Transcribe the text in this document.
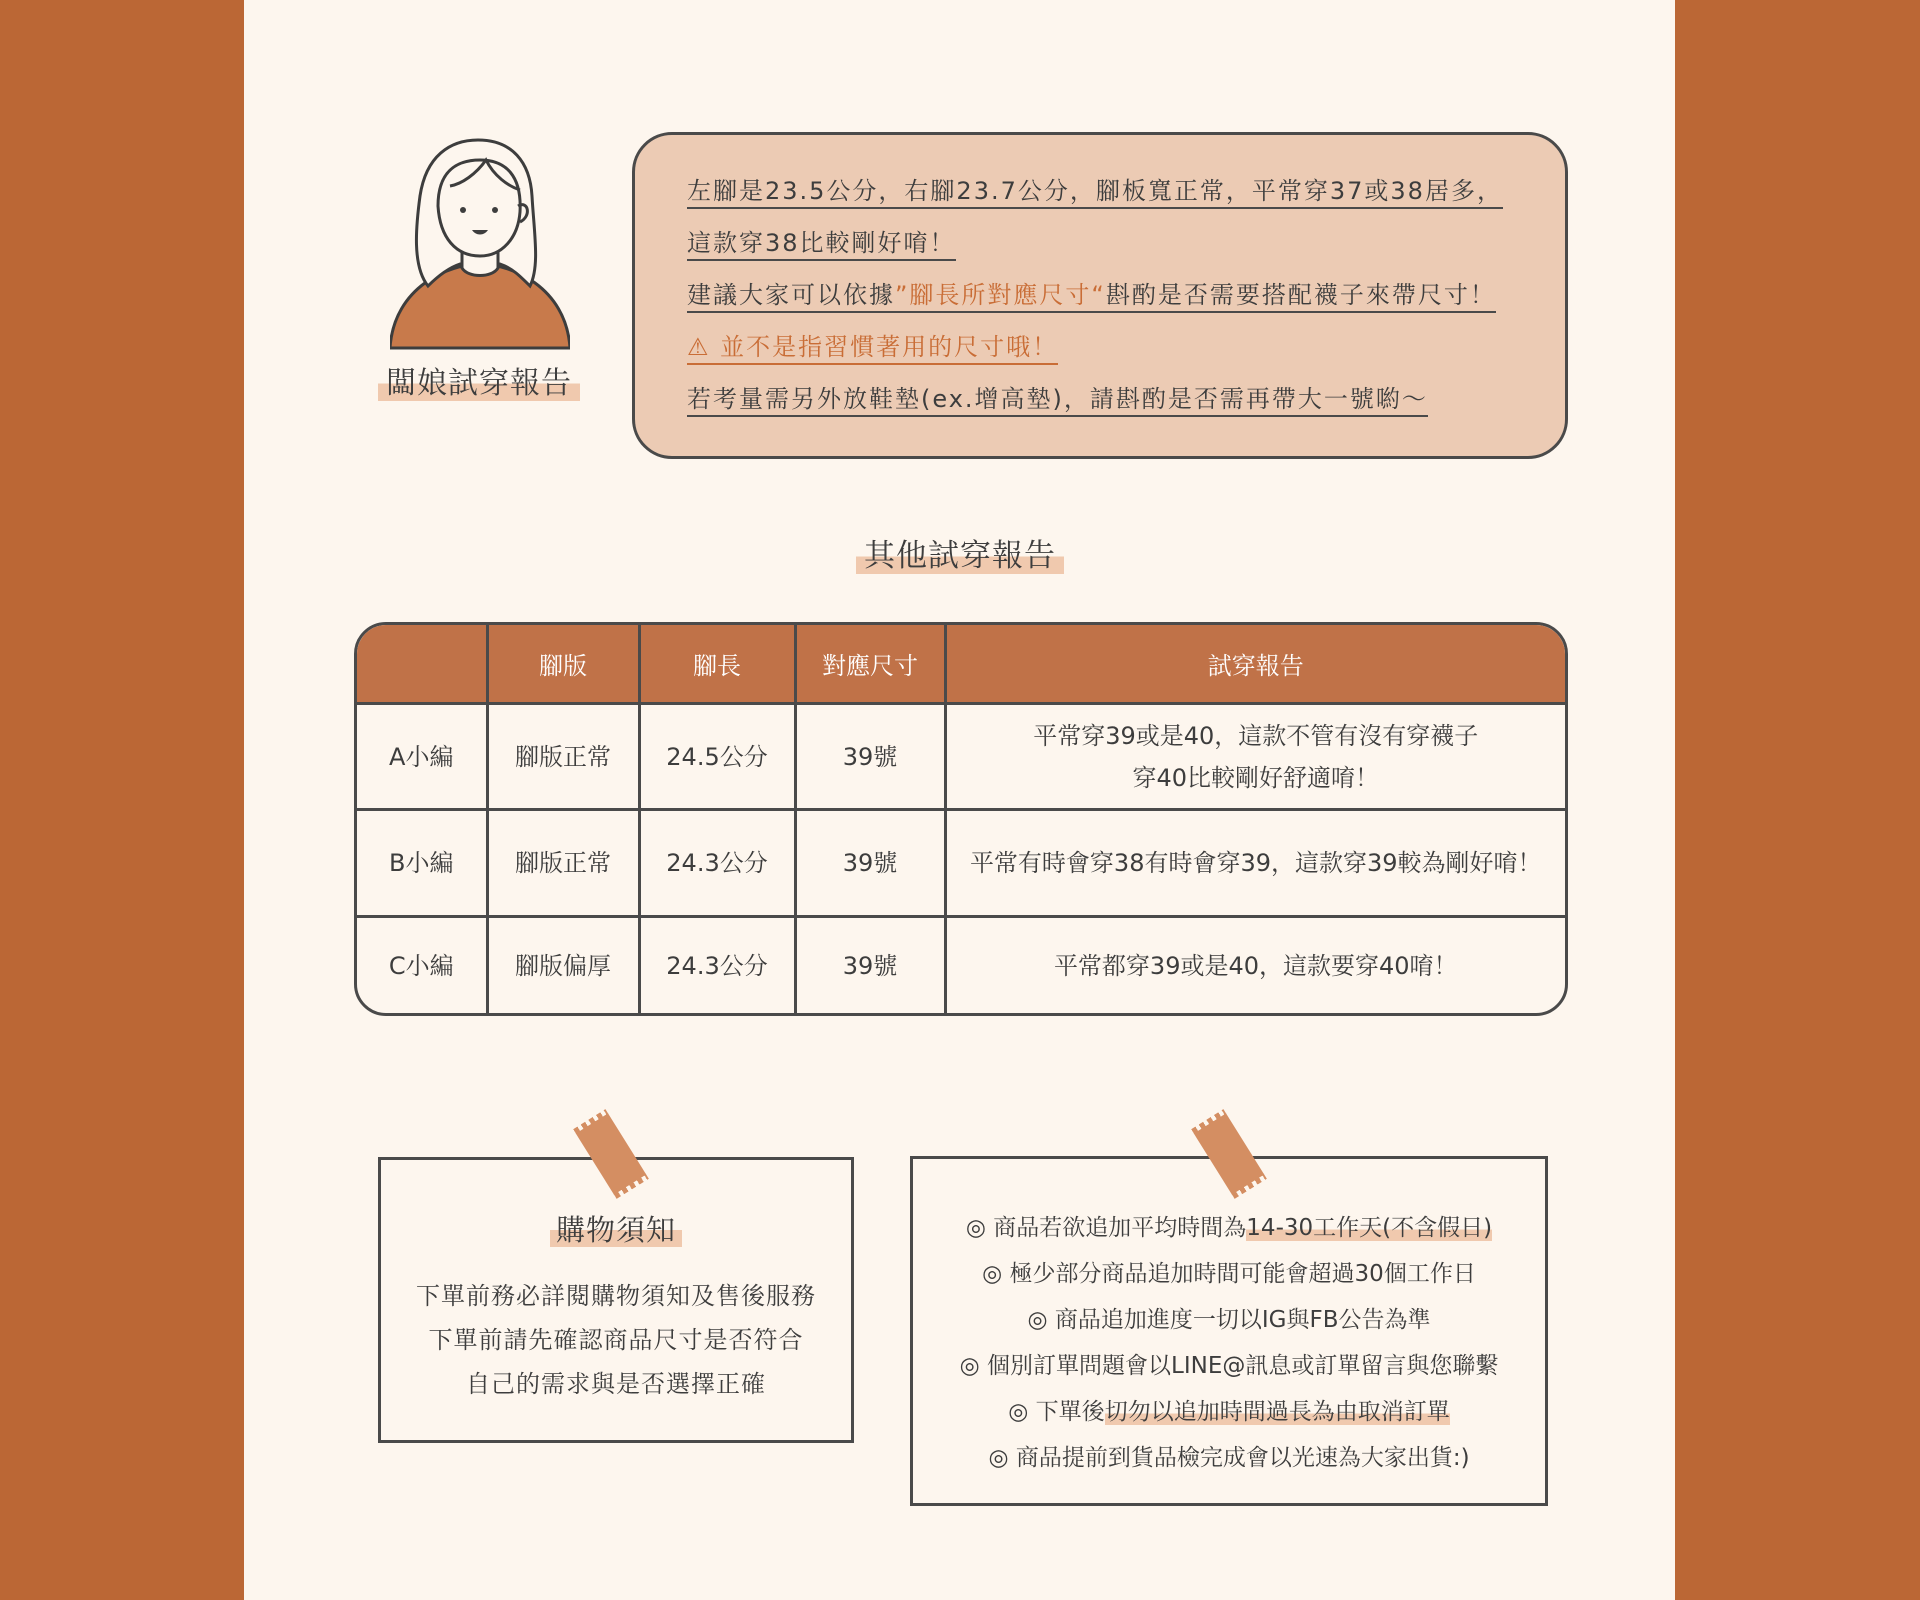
闆娘試穿報告
左腳是23.5公分，右腳23.7公分，腳板寬正常，平常穿37或38居多，
這款穿38比較剛好唷！
建議大家可以依據”腳長所對應尺寸“斟酌是否需要搭配襪子來帶尺寸！
⚠ 並不是指習慣著用的尺寸哦！
若考量需另外放鞋墊(ex.增高墊)，請斟酌是否需再帶大一號喲～
其他試穿報告
	腳版	腳長	對應尺寸	試穿報告
A小編	腳版正常	24.5公分	39號	平常穿39或是40，這款不管有沒有穿襪子
穿40比較剛好舒適唷！

B小編	腳版正常	24.3公分	39號	平常有時會穿38有時會穿39，這款穿39較為剛好唷！
C小編	腳版偏厚	24.3公分	39號	平常都穿39或是40，這款要穿40唷！
購物須知
下單前務必詳閱購物須知及售後服務
下單前請先確認商品尺寸是否符合
自己的需求與是否選擇正確
◎ 商品若欲追加平均時間為14-30工作天(不含假日)
◎ 極少部分商品追加時間可能會超過30個工作日
◎ 商品追加進度一切以IG與FB公告為準
◎ 個別訂單問題會以LINE@訊息或訂單留言與您聯繫
◎ 下單後切勿以追加時間過長為由取消訂單
◎ 商品提前到貨品檢完成會以光速為大家出貨:)
